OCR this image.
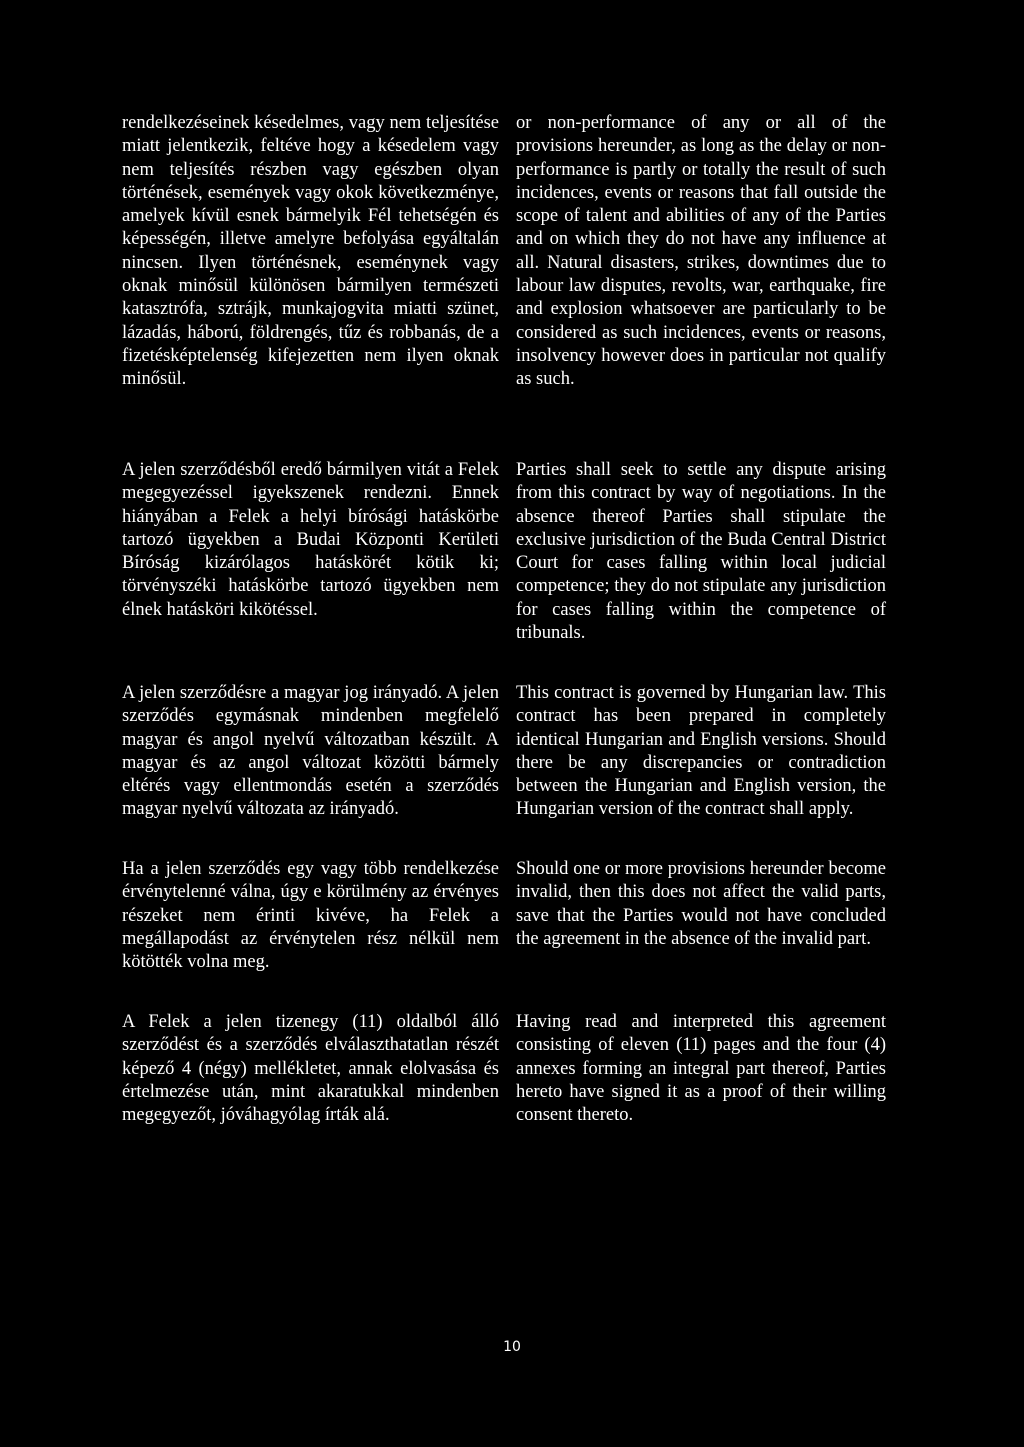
rendelkezéseinek késedelmes, vagy nem teljesítése miatt jelentkezik, feltéve hogy a késedelem vagy nem teljesítés részben vagy egészben olyan történések, események vagy okok következménye, amelyek kívül esnek bármelyik Fél tehetségén és képességén, illetve amelyre befolyása egyáltalán nincsen. Ilyen történésnek, eseménynek vagy oknak minősül különösen bármilyen természeti katasztrófa, sztrájk, munkajogvita miatti szünet, lázadás, háború, földrengés, tűz és robbanás, de a fizetésképtelenség kifejezetten nem ilyen oknak minősül.

A jelen szerződésből eredő bármilyen vitát a Felek megegyezéssel igyekszenek rendezni. Ennek hiányában a Felek a helyi bírósági hatáskörbe tartozó ügyekben a Budai Központi Kerületi Bíróság kizárólagos hatáskörét kötik ki; törvényszéki hatáskörbe tartozó ügyekben nem élnek hatásköri kikötéssel.

A jelen szerződésre a magyar jog irányadó. A jelen szerződés egymásnak mindenben megfelelő magyar és angol nyelvű változatban készült. A magyar és az angol változat közötti bármely eltérés vagy ellentmondás esetén a szerződés magyar nyelvű változata az irányadó.

Ha a jelen szerződés egy vagy több rendelkezése érvénytelenné válna, úgy e körülmény az érvényes részeket nem érinti kivéve, ha Felek a megállapodást az érvénytelen rész nélkül nem kötötték volna meg.

A Felek a jelen tizenegy (11) oldalból álló szerződést és a szerződés elválaszthatatlan részét képező 4 (négy) mellékletet, annak elolvasása és értelmezése után, mint akaratukkal mindenben megegyezőt, jóváhagyólag írták alá.

or non-performance of any or all of the provisions hereunder, as long as the delay or non-performance is partly or totally the result of such incidences, events or reasons that fall outside the scope of talent and abilities of any of the Parties and on which they do not have any influence at all. Natural disasters, strikes, downtimes due to labour law disputes, revolts, war, earthquake, fire and explosion whatsoever are particularly to be considered as such incidences, events or reasons, insolvency however does in particular not qualify as such.

Parties shall seek to settle any dispute arising from this contract by way of negotiations. In the absence thereof Parties shall stipulate the exclusive jurisdiction of the Buda Central District Court for cases falling within local judicial competence; they do not stipulate any jurisdiction for cases falling within the competence of tribunals.

This contract is governed by Hungarian law. This contract has been prepared in completely identical Hungarian and English versions. Should there be any discrepancies or contradiction between the Hungarian and English version, the Hungarian version of the contract shall apply.

Should one or more provisions hereunder become invalid, then this does not affect the valid parts, save that the Parties would not have concluded the agreement in the absence of the invalid part.

Having read and interpreted this agreement consisting of eleven (11) pages and the four (4) annexes forming an integral part thereof, Parties hereto have signed it as a proof of their willing consent thereto.

10
